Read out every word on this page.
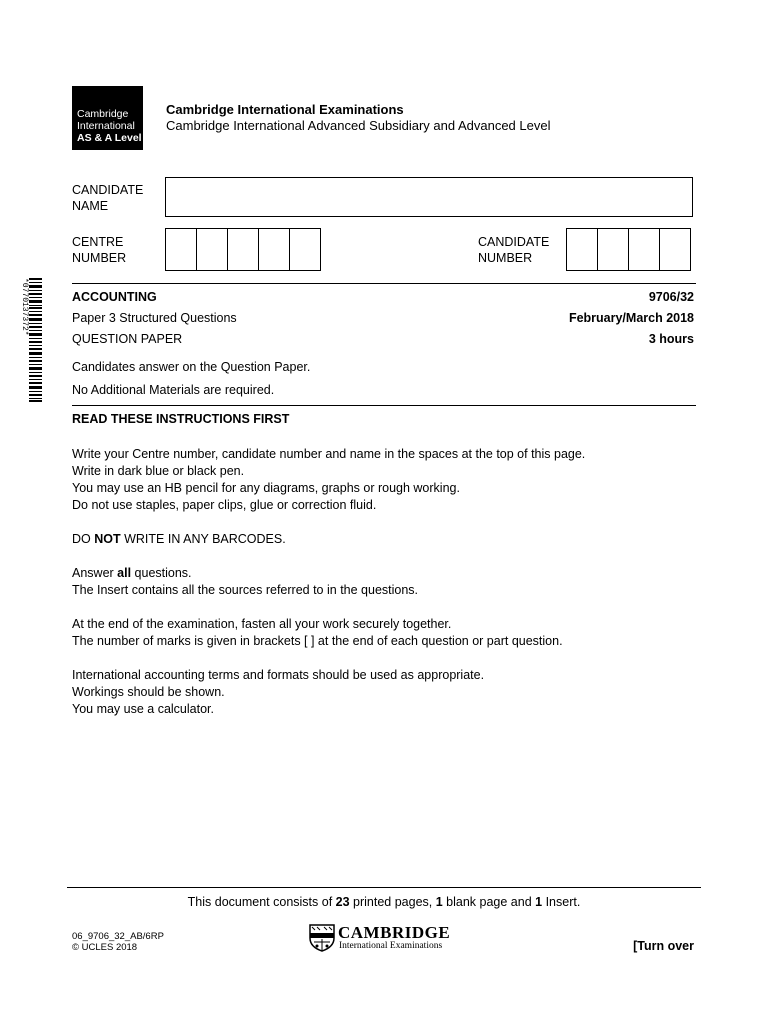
Cambridge
International
AS & A Level
Cambridge International Examinations
Cambridge International Advanced Subsidiary and Advanced Level
CANDIDATE
NAME
CENTRE
NUMBER
CANDIDATE
NUMBER
*0770137372*	ACCOUNTING	9706/32
Paper 3 Structured Questions	February/March 2018
QUESTION PAPER	3 hours
Candidates answer on the Question Paper.
No Additional Materials are required.
READ THESE INSTRUCTIONS FIRST

Write your Centre number, candidate number and name in the spaces at the top of this page.

Write in dark blue or black pen.

You may use an HB pencil for any diagrams, graphs or rough working.

Do not use staples, paper clips, glue or correction fluid.

DO NOT WRITE IN ANY BARCODES.

Answer all questions.

The Insert contains all the sources referred to in the questions.

At the end of the examination, fasten all your work securely together.

The number of marks is given in brackets [ ] at the end of each question or part question.

International accounting terms and formats should be used as appropriate.

Workings should be shown.

You may use a calculator.

This document consists of 23 printed pages, 1 blank page and 1 Insert.
06_9706_32_AB/6RP
© UCLES 2018
CAMBRIDGE
International Examinations	[Turn over
